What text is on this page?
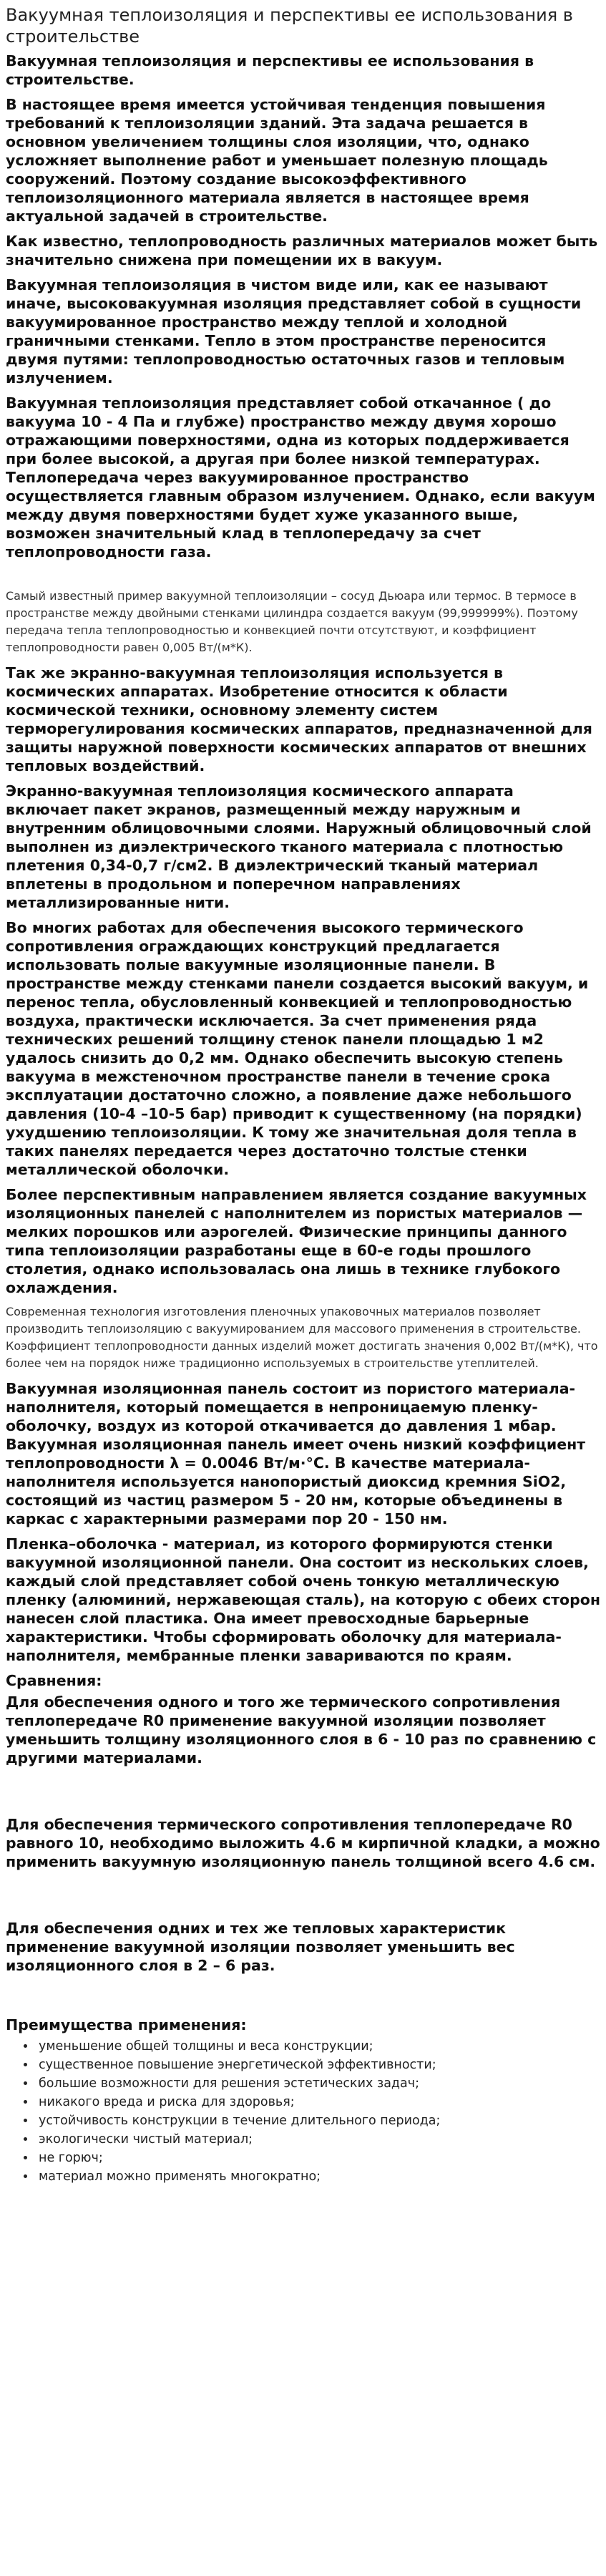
Вакуумная теплоизоляция и перспективы ее использования в строительстве

Вакуумная теплоизоляция и перспективы ее использования в строительстве.

В настоящее время имеется устойчивая тенденция повышения требований к теплоизоляции зданий. Эта задача решается в основном увеличением толщины слоя изоляции, что, однако усложняет выполнение работ и уменьшает полезную площадь сооружений. Поэтому создание высокоэффективного теплоизоляционного материала является в настоящее время актуальной задачей в строительстве.

Как известно, теплопроводность различных материалов может быть значительно снижена при помещении их в вакуум.

Вакуумная теплоизоляция в чистом виде или, как ее называют иначе, высоковакуумная изоляция представляет собой в сущности вакуумированное пространство между теплой и холодной граничными стенками. Тепло в этом пространстве переносится двумя путями: теплопроводностью остаточных газов и тепловым излучением.

Вакуумная теплоизоляция представляет собой откачанное ( до вакуума 10 - 4 Па и глубже) пространство между двумя хорошо отражающими поверхностями, одна из которых поддерживается при более высокой, а другая при более низкой температурах. Теплопередача через вакуумированное пространство осуществляется главным образом излучением. Однако, если вакуум между двумя поверхностями будет хуже указанного выше, возможен значительный клад в теплопередачу за счет теплопроводности газа.

Самый известный пример вакуумной теплоизоляции – сосуд Дьюара или термос. В термосе в пространстве между двойными стенками цилиндра создается вакуум (99,999999%). Поэтому передача тепла теплопроводностью и конвекцией почти отсутствуют, и коэффициент теплопроводности равен 0,005 Вт/(м*К).

Так же экранно-вакуумная теплоизоляция используется в космических аппаратах. Изобретение относится к области космической техники, основному элементу систем терморегулирования космических аппаратов, предназначенной для защиты наружной поверхности космических аппаратов от внешних тепловых воздействий.

Экранно-вакуумная теплоизоляция космического аппарата включает пакет экранов, размещенный между наружным и внутренним облицовочными слоями. Наружный облицовочный слой выполнен из диэлектрического тканого материала с плотностью плетения 0,34-0,7 г/см2. В диэлектрический тканый материал вплетены в продольном и поперечном направлениях металлизированные нити.

Во многих работах для обеспечения высокого термического сопротивления ограждающих конструкций предлагается использовать полые вакуумные изоляционные панели. В пространстве между стенками панели создается высокий вакуум, и перенос тепла, обусловленный конвекцией и теплопроводностью воздуха, практически исключается. За счет применения ряда технических решений толщину стенок панели площадью 1 м2 удалось снизить до 0,2 мм. Однако обеспечить высокую степень вакуума в межстеночном пространстве панели в течение срока эксплуатации достаточно сложно, а появление даже небольшого давления (10-4 –10-5 бар) приводит к существенному (на порядки) ухудшению теплоизоляции. К тому же значительная доля тепла в таких панелях передается через достаточно толстые стенки металлической оболочки.

Более перспективным направлением является создание вакуумных изоляционных панелей с наполнителем из пористых материалов — мелких порошков или аэрогелей. Физические принципы данного типа теплоизоляции разработаны еще в 60-е годы прошлого столетия, однако использовалась она лишь в технике глубокого охлаждения.

Современная технология изготовления пленочных упаковочных материалов позволяет производить теплоизоляцию с вакуумированием для массового применения в строительстве. Коэффициент теплопроводности данных изделий может достигать значения 0,002 Вт/(м*К), что более чем на порядок ниже традиционно используемых в строительстве утеплителей.

Вакуумная изоляционная панель состоит из пористого материала-наполнителя, который помещается в непроницаемую пленку-оболочку, воздух из которой откачивается до давления 1 мбар. Вакуумная изоляционная панель имеет очень низкий коэффициент теплопроводности λ = 0.0046 Вт/м·°С. В качестве материала-наполнителя используется нанопористый диоксид кремния SiO2, состоящий из частиц размером 5 - 20 нм, которые объединены в каркас с характерными размерами пор 20 - 150 нм.

Пленка–оболочка - материал, из которого формируются стенки вакуумной изоляционной панели. Она состоит из нескольких слоев, каждый слой представляет собой очень тонкую металлическую пленку (алюминий, нержавеющая сталь), на которую с обеих сторон нанесен слой пластика. Она имеет превосходные барьерные характеристики. Чтобы сформировать оболочку для материала-наполнителя, мембранные пленки завариваются по краям.

Сравнения:

Для обеспечения одного и того же термического сопротивления теплопередаче R0 применение вакуумной изоляции позволяет уменьшить толщину изоляционного слоя в 6 - 10 раз по сравнению с другими материалами.

Для обеспечения термического сопротивления теплопередаче R0 равного 10, необходимо выложить 4.6 м кирпичной кладки, а можно применить вакуумную изоляционную панель толщиной всего 4.6 см.

Для обеспечения одних и тех же тепловых характеристик применение вакуумной изоляции позволяет уменьшить вес изоляционного слоя в 2 – 6 раз.

Преимущества применения:

• уменьшение общей толщины и веса конструкции;
• существенное повышение энергетической эффективности;
• большие возможности для решения эстетических задач;
• никакого вреда и риска для здоровья;
• устойчивость конструкции в течение длительного периода;
• экологически чистый материал;
• не горюч;
• материал можно применять многократно;
